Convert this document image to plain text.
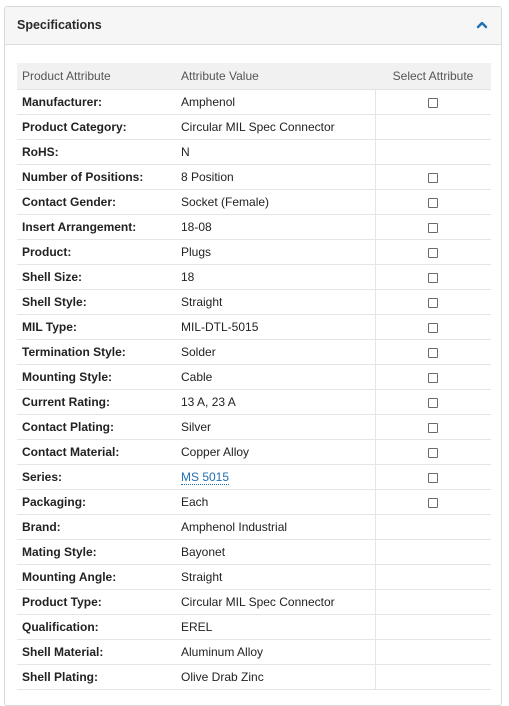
Specifications
Product Attribute	Attribute Value	Select Attribute
Manufacturer:	Amphenol	
Product Category:	Circular MIL Spec Connector	
RoHS:	N	
Number of Positions:	8 Position	
Contact Gender:	Socket (Female)	
Insert Arrangement:	18-08	
Product:	Plugs	
Shell Size:	18	
Shell Style:	Straight	
MIL Type:	MIL-DTL-5015	
Termination Style:	Solder	
Mounting Style:	Cable	
Current Rating:	13 A, 23 A	
Contact Plating:	Silver	
Contact Material:	Copper Alloy	
Series:	MS 5015	
Packaging:	Each	
Brand:	Amphenol Industrial	
Mating Style:	Bayonet	
Mounting Angle:	Straight	
Product Type:	Circular MIL Spec Connector	
Qualification:	EREL	
Shell Material:	Aluminum Alloy	
Shell Plating:	Olive Drab Zinc	
